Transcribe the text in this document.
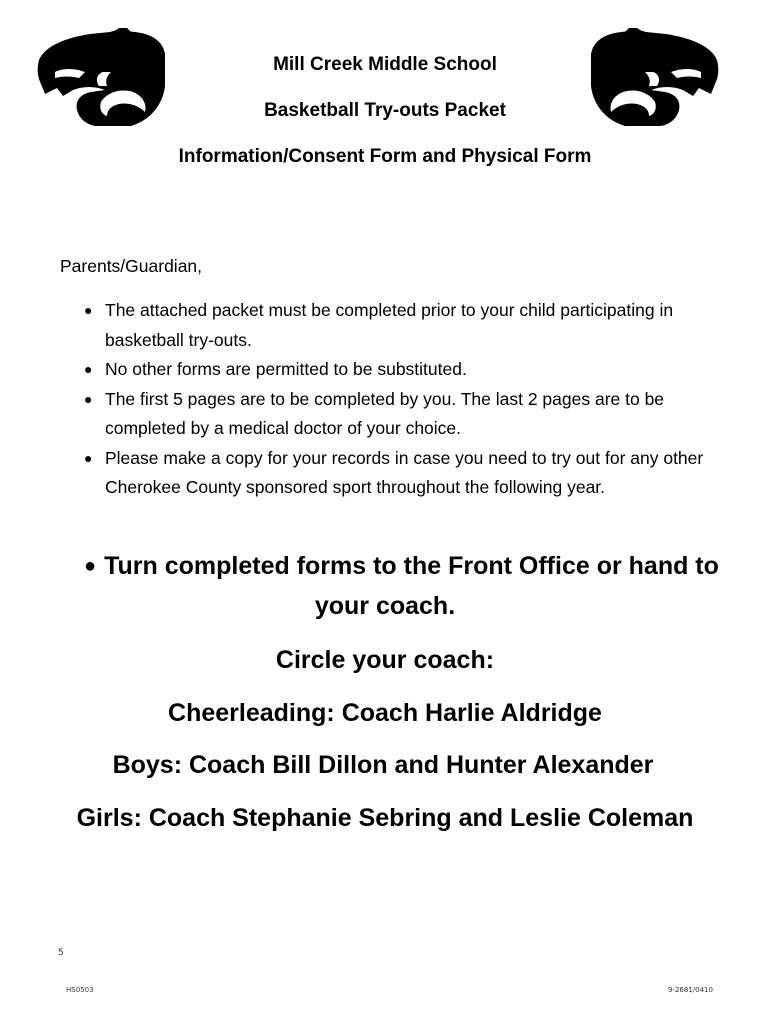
Mill Creek Middle School
Basketball Try-outs Packet
Information/Consent Form and Physical Form
Parents/Guardian,
● The attached packet must be completed prior to your child participating in basketball try-outs.
● No other forms are permitted to be substituted.
● The first 5 pages are to be completed by you. The last 2 pages are to be completed by a medical doctor of your choice.
● Please make a copy for your records in case you need to try out for any other Cherokee County sponsored sport throughout the following year.
● Turn completed forms to the Front Office or hand to
your coach.
Circle your coach:
Cheerleading: Coach Harlie Aldridge
Boys: Coach Bill Dillon and Hunter Alexander
Girls: Coach Stephanie Sebring and Leslie Coleman
5
HS0503	9-2681/0410
